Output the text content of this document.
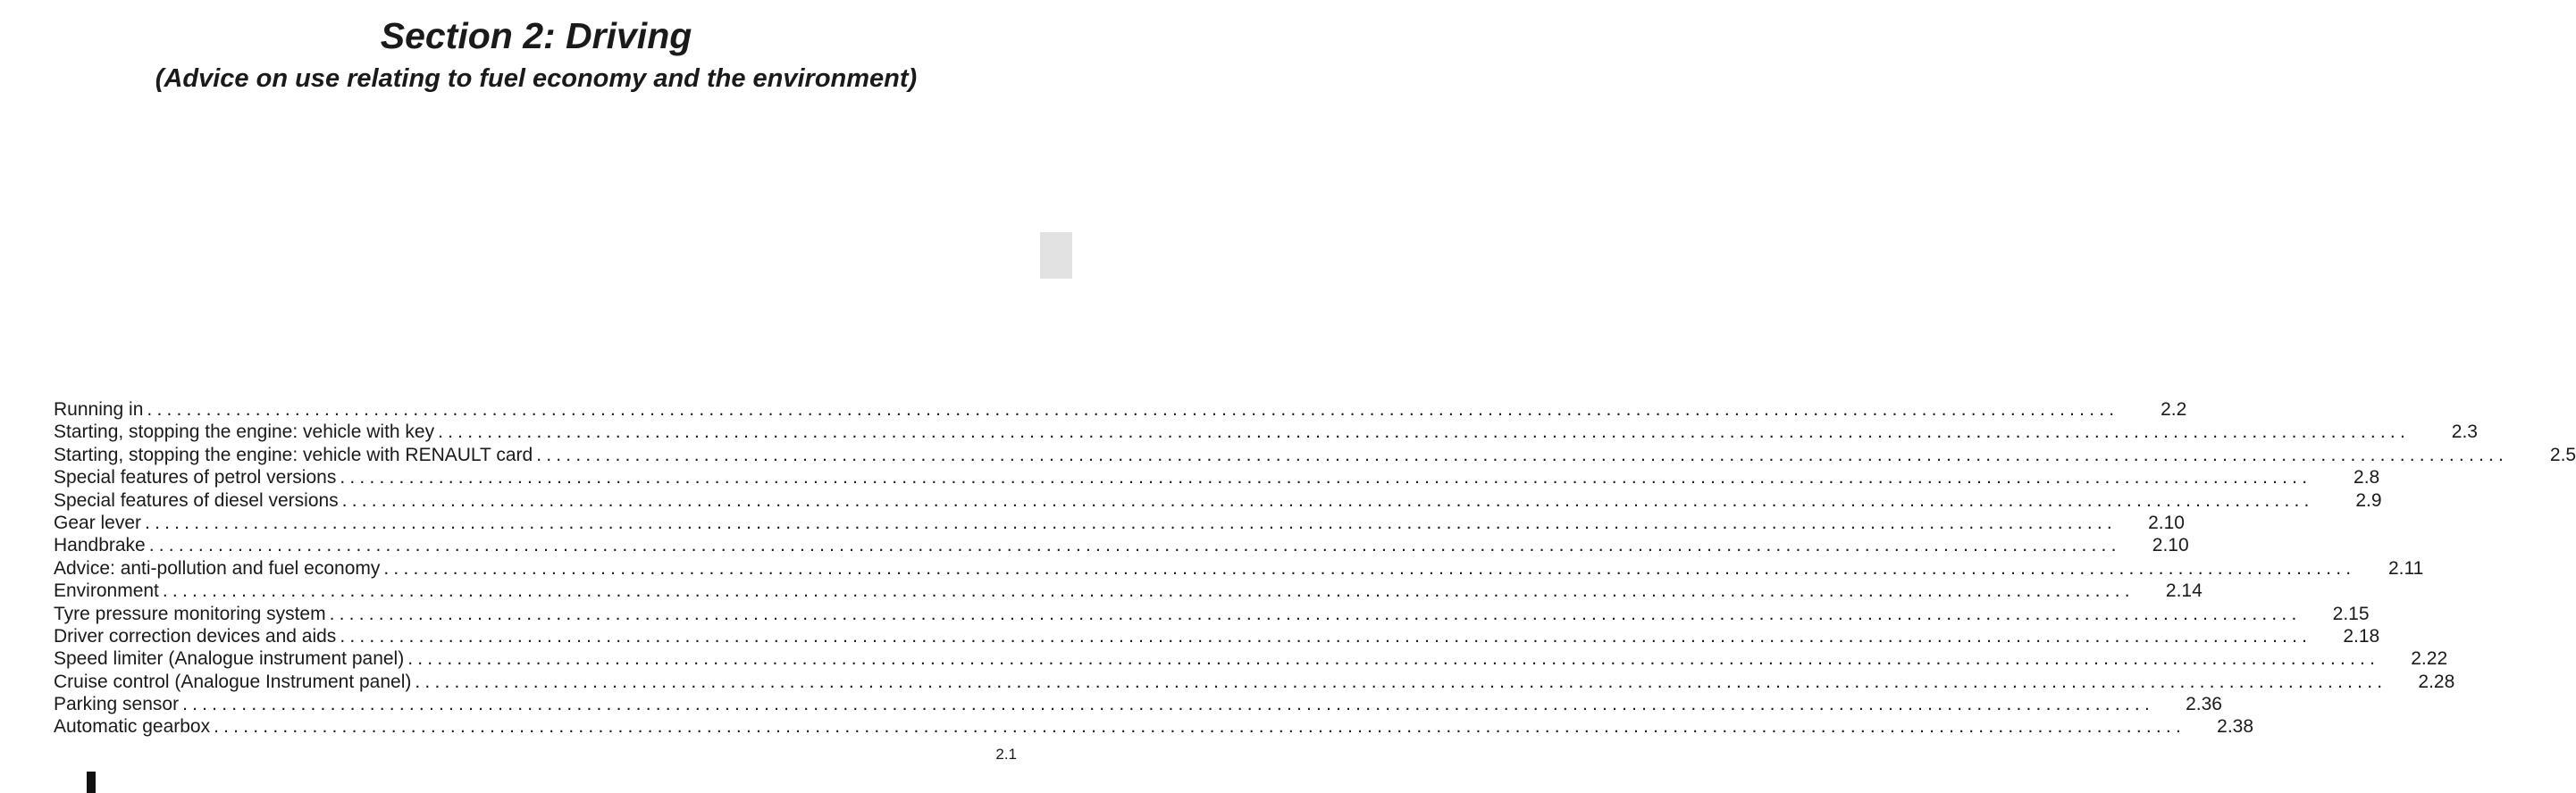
Section 2: Driving
(Advice on use relating to fuel economy and the environment)
Running in ........................................................................................................................................................................................................	2.2
Starting, stopping the engine: vehicle with key ........................................................................................................................................................................................................	2.3
Starting, stopping the engine: vehicle with RENAULT card ........................................................................................................................................................................................................	2.5
Special features of petrol versions ........................................................................................................................................................................................................	2.8
Special features of diesel versions ........................................................................................................................................................................................................	2.9
Gear lever ........................................................................................................................................................................................................	2.10
Handbrake ........................................................................................................................................................................................................	2.10
Advice: anti-pollution and fuel economy ........................................................................................................................................................................................................	2.11
Environment ........................................................................................................................................................................................................	2.14
Tyre pressure monitoring system ........................................................................................................................................................................................................	2.15
Driver correction devices and aids ........................................................................................................................................................................................................	2.18
Speed limiter (Analogue instrument panel) ........................................................................................................................................................................................................	2.22
Cruise control (Analogue Instrument panel) ........................................................................................................................................................................................................	2.28
Parking sensor ........................................................................................................................................................................................................	2.36
Automatic gearbox ........................................................................................................................................................................................................	2.38
2.1
